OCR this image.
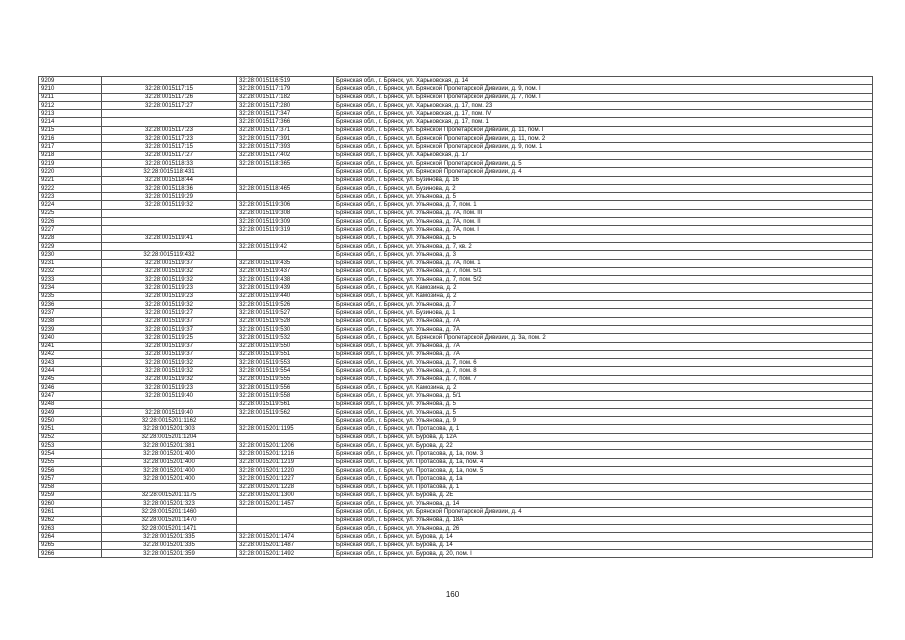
9209		32:28:0015116:519	Брянская обл., г. Брянск, ул. Харьковская, д. 14
9210	32:28:0015117:15	32:28:0015117:179	Брянская обл., г. Брянск, ул. Брянской Пролетарской Дивизии, д. 9, пом. I
9211	32:28:0015117:26	32:28:0015117:182	Брянская обл., г. Брянск, ул. Брянской Пролетарской Дивизии, д. 7, пом. I
9212	32:28:0015117:27	32:28:0015117:280	Брянская обл., г. Брянск, ул. Харьковская, д. 17, пом. 23
9213		32:28:0015117:347	Брянская обл., г. Брянск, ул. Харьковская, д. 17, пом. IV
9214		32:28:0015117:366	Брянская обл., г. Брянск, ул. Харьковская, д. 17, пом. 1
9215	32:28:0015117:23	32:28:0015117:371	Брянская обл., г. Брянск, ул. Брянской Пролетарской Дивизии, д. 11, пом. I
9216	32:28:0015117:23	32:28:0015117:391	Брянская обл., г. Брянск, ул. Брянской Пролетарской Дивизии, д. 11, пом. 2
9217	32:28:0015117:15	32:28:0015117:393	Брянская обл., г. Брянск, ул. Брянской Пролетарской Дивизии, д. 9, пом. 1
9218	32:28:0015117:27	32:28:0015117:402	Брянская обл., г. Брянск, ул. Харьковская, д. 17
9219	32:28:0015118:33	32:28:0015118:365	Брянская обл., г. Брянск, ул. Брянской Пролетарской Дивизии, д. 5
9220	32:28:0015118:431		Брянская обл., г. Брянск, ул. Брянской Пролетарской Дивизии, д. 4
9221	32:28:0015118:44		Брянская обл., г. Брянск, ул. Бузинова, д. 16
9222	32:28:0015118:36	32:28:0015118:465	Брянская обл., г. Брянск, ул. Бузинова, д. 2
9223	32:28:0015119:29		Брянская обл., г. Брянск, ул. Ульянова, д. 5
9224	32:28:0015119:32	32:28:0015119:306	Брянская обл., г. Брянск, ул. Ульянова, д. 7, пом. 1
9225		32:28:0015119:308	Брянская обл., г. Брянск, ул. Ульянова, д. 7А, пом. III
9226		32:28:0015119:309	Брянская обл., г. Брянск, ул. Ульянова, д. 7А, пом. II
9227		32:28:0015119:319	Брянская обл., г. Брянск, ул. Ульянова, д. 7А, пом. I
9228	32:28:0015119:41		Брянская обл., г. Брянск, ул. Ульянова, д. 5
9229		32:28:0015119:42	Брянская обл., г. Брянск, ул. Ульянова, д. 7, кв. 2
9230	32:28:0015119:432		Брянская обл., г. Брянск, ул. Ульянова, д. 3
9231	32:28:0015119:37	32:28:0015119:435	Брянская обл., г. Брянск, ул. Ульянова, д. 7А, пом. 1
9232	32:28:0015119:32	32:28:0015119:437	Брянская обл., г. Брянск, ул. Ульянова, д. 7, пом. 5/1
9233	32:28:0015119:32	32:28:0015119:438	Брянская обл., г. Брянск, ул. Ульянова, д. 7, пом. 5/2
9234	32:28:0015119:23	32:28:0015119:439	Брянская обл., г. Брянск, ул. Камозина, д. 2
9235	32:28:0015119:23	32:28:0015119:440	Брянская обл., г. Брянск, ул. Камозина, д. 2
9236	32:28:0015119:32	32:28:0015119:526	Брянская обл., г. Брянск, ул. Ульянова, д. 7
9237	32:28:0015119:27	32:28:0015119:527	Брянская обл., г. Брянск, ул. Бузинова, д. 1
9238	32:28:0015119:37	32:28:0015119:528	Брянская обл., г. Брянск, ул. Ульянова, д. 7А
9239	32:28:0015119:37	32:28:0015119:530	Брянская обл., г. Брянск, ул. Ульянова, д. 7А
9240	32:28:0015119:25	32:28:0015119:532	Брянская обл., г. Брянск, ул. Брянской Пролетарской Дивизии, д. 3а, пом. 2
9241	32:28:0015119:37	32:28:0015119:550	Брянская обл., г. Брянск, ул. Ульянова, д. 7А
9242	32:28:0015119:37	32:28:0015119:551	Брянская обл., г. Брянск, ул. Ульянова, д. 7А
9243	32:28:0015119:32	32:28:0015119:553	Брянская обл., г. Брянск, ул. Ульянова, д. 7, пом. 6
9244	32:28:0015119:32	32:28:0015119:554	Брянская обл., г. Брянск, ул. Ульянова, д. 7, пом. 8
9245	32:28:0015119:32	32:28:0015119:555	Брянская обл., г. Брянск, ул. Ульянова, д. 7, пом. 7
9246	32:28:0015119:23	32:28:0015119:556	Брянская обл., г. Брянск, ул. Камозина, д. 2
9247	32:28:0015119:40	32:28:0015119:558	Брянская обл., г. Брянск, ул. Ульянова, д. 5/1
9248		32:28:0015119:561	Брянская обл., г. Брянск, ул. Ульянова, д. 5
9249	32:28:0015119:40	32:28:0015119:562	Брянская обл., г. Брянск, ул. Ульянова, д. 5
9250	32:28:0015201:1162		Брянская обл., г. Брянск, ул. Ульянова, д. 9
9251	32:28:0015201:303	32:28:0015201:1195	Брянская обл., г. Брянск, ул. Протасова, д. 1
9252	32:28:0015201:1204		Брянская обл., г. Брянск, ул. Бурова, д. 12А
9253	32:28:0015201:381	32:28:0015201:1206	Брянская обл., г. Брянск, ул. Бурова, д. 22
9254	32:28:0015201:400	32:28:0015201:1216	Брянская обл., г. Брянск, ул. Протасова, д. 1а, пом. 3
9255	32:28:0015201:400	32:28:0015201:1219	Брянская обл., г. Брянск, ул. Протасова, д. 1а, пом. 4
9256	32:28:0015201:400	32:28:0015201:1220	Брянская обл., г. Брянск, ул. Протасова, д. 1а, пом. 5
9257	32:28:0015201:400	32:28:0015201:1227	Брянская обл., г. Брянск, ул. Протасова, д. 1а
9258		32:28:0015201:1228	Брянская обл., г. Брянск, ул. Протасова, д. 1
9259	32:28:0015201:1175	32:28:0015201:1300	Брянская обл., г. Брянск, ул. Бурова, д. 2Е
9260	32:28:0015201:323	32:28:0015201:1457	Брянская обл., г. Брянск, ул. Ульянова, д. 14
9261	32:28:0015201:1460		Брянская обл., г. Брянск, ул. Брянской Пролетарской Дивизии, д. 4
9262	32:28:0015201:1470		Брянская обл., г. Брянск, ул. Ульянова, д. 18А
9263	32:28:0015201:1471		Брянская обл., г. Брянск, ул. Ульянова, д. 26
9264	32:28:0015201:335	32:28:0015201:1474	Брянская обл., г. Брянск, ул. Бурова, д. 14
9265	32:28:0015201:335	32:28:0015201:1487	Брянская обл., г. Брянск, ул. Бурова, д. 14
9266	32:28:0015201:359	32:28:0015201:1492	Брянская обл., г. Брянск, ул. Бурова, д. 20, пом. I
160
